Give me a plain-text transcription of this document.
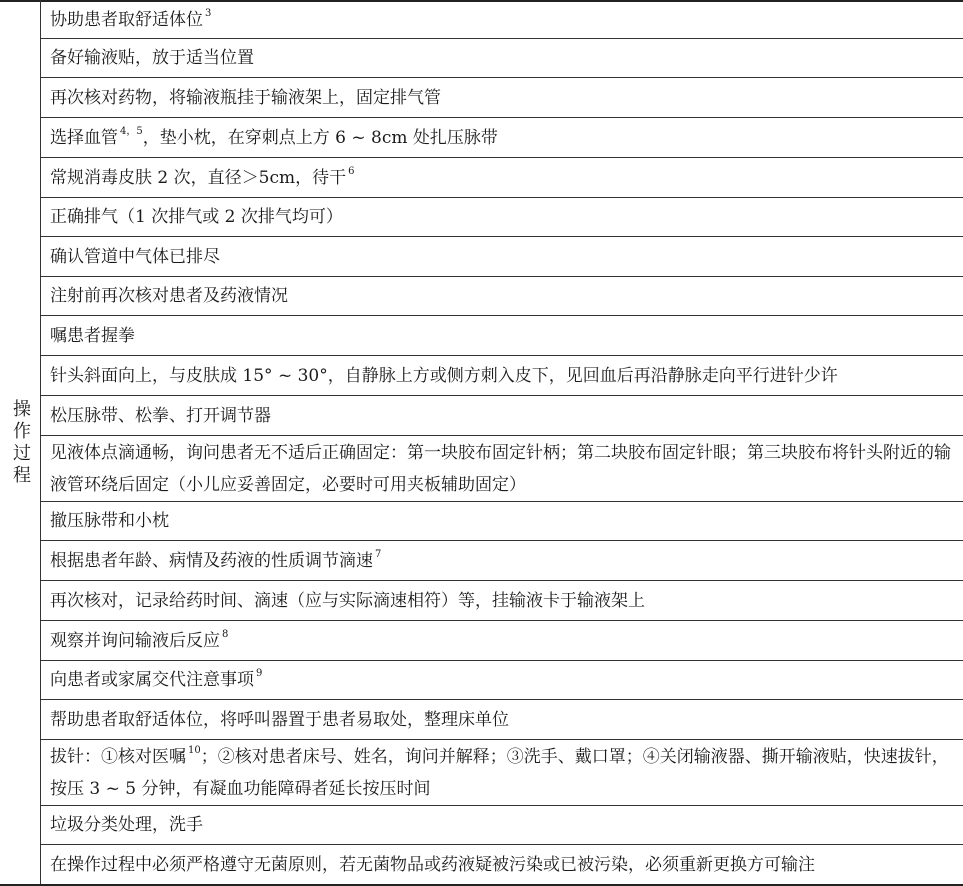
操作过程
协助患者取舒适体位 $^3$
备好输液贴，放于适当位置
再次核对药物，将输液瓶挂于输液架上，固定排气管
选择血管 $^{4,5}$，垫小枕，在穿刺点上方 6 ~ 8cm 处扎压脉带
常规消毒皮肤 2 次，直径＞5cm，待干 $^6$
正确排气（1 次排气或 2 次排气均可）
确认管道中气体已排尽
注射前再次核对患者及药液情况
嘱患者握拳
针头斜面向上，与皮肤成 15° ~ 30°，自静脉上方或侧方刺入皮下，见回血后再沿静脉走向平行进针少许
松压脉带、松拳、打开调节器
见液体点滴通畅，询问患者无不适后正确固定：第一块胶布固定针柄；第二块胶布固定针眼；第三块胶布将针头附近的输液管环绕后固定（小儿应妥善固定，必要时可用夹板辅助固定）
撤压脉带和小枕
根据患者年龄、病情及药液的性质调节滴速 $^7$
再次核对，记录给药时间、滴速（应与实际滴速相符）等，挂输液卡于输液架上
观察并询问输液后反应 $^8$
向患者或家属交代注意事项 $^9$
帮助患者取舒适体位，将呼叫器置于患者易取处，整理床单位
拔针：①核对医嘱 $^{10}$；②核对患者床号、姓名，询问并解释；③洗手、戴口罩；④关闭输液器、撕开输液贴，快速拔针，按压 3 ~ 5 分钟，有凝血功能障碍者延长按压时间
垃圾分类处理，洗手
在操作过程中必须严格遵守无菌原则，若无菌物品或药液疑被污染或已被污染，必须重新更换方可输注
